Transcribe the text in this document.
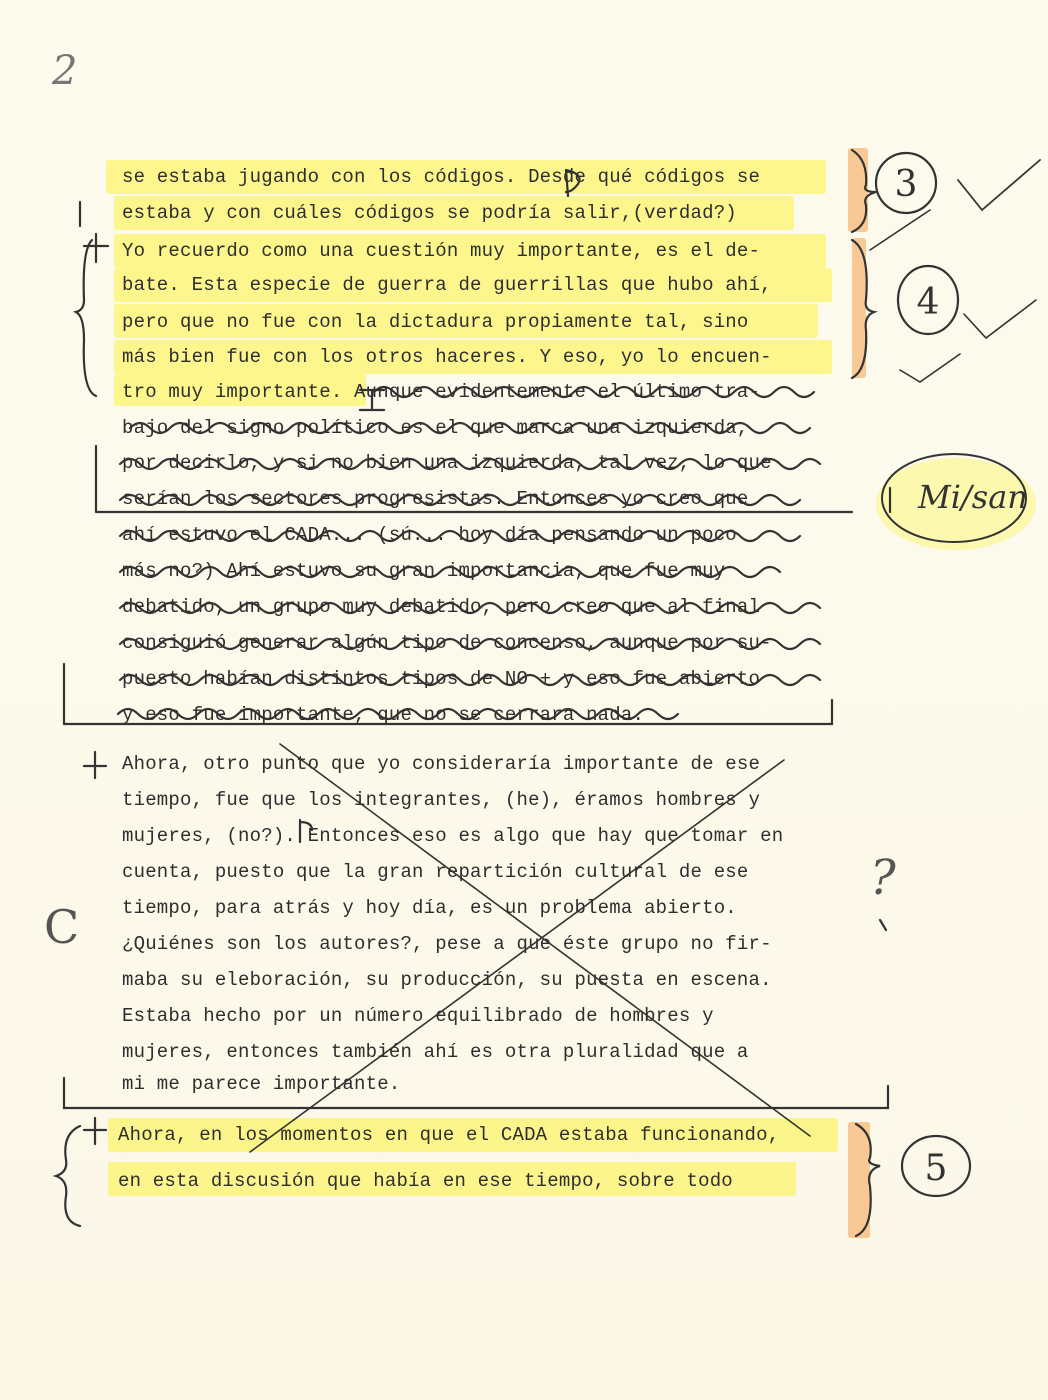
se estaba jugando con los códigos. Desde qué códigos se
estaba y con cuáles códigos se podría salir,(verdad?)
Yo recuerdo como una cuestión muy importante, es el de-
bate. Esta especie de guerra de guerrillas que hubo ahí,
pero que no fue con la dictadura propiamente tal, sino
más bien fue con los otros haceres. Y eso, yo lo encuen-
tro muy importante. Aunque evidentemente el último tra-
bajo del signo político es el que marca una izquierda,
por decirlo, y si no bien una izquierda, tal vez, lo que
serían los sectores progresistas. Entonces yo creo que
ahí estuvo el CADA... (sú... hoy día pensando un poco
más no?) Ahí estuvo su gran importancia, que fue muy
debatido, un grupo muy debatido, pero creo que al final
consiguió generar algún tipo de concenso, aunque por su-
puesto habían distintos tipos de NO + y eso fue abierto
y eso fue importante, que no se cerrara nada.
Ahora, otro punto que yo consideraría importante de ese
tiempo, fue que los integrantes, (he), éramos hombres y
mujeres, (no?). Entonces eso es algo que hay que tomar en
cuenta, puesto que la gran repartición cultural de ese
tiempo, para atrás y hoy día, es un problema abierto.
¿Quiénes son los autores?, pese a que éste grupo no fir-
maba su eleboración, su producción, su puesta en escena.
Estaba hecho por un número equilibrado de hombres y
mujeres, entonces también ahí es otra pluralidad que a
mi me parece importante.
Ahora, en los momentos en que el CADA estaba funcionando,
en esta discusión que había en ese tiempo, sobre todo
2
Mi/san
C
?
3
4
5
